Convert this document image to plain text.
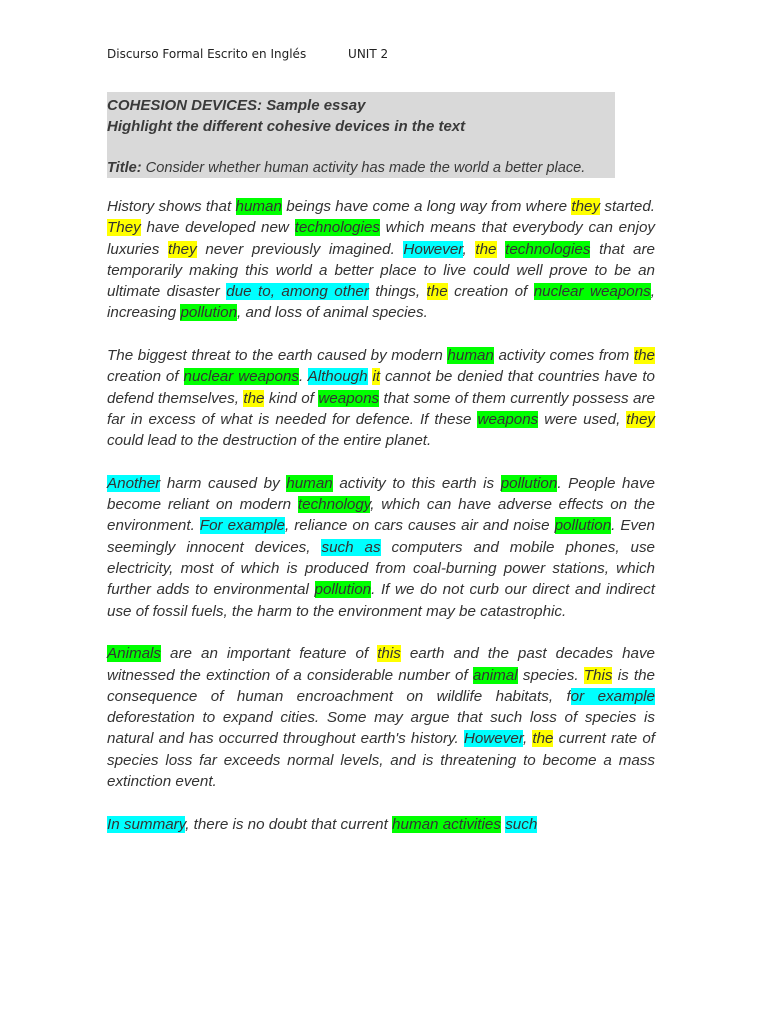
Discurso Formal Escrito en Inglés	UNIT 2
COHESION DEVICES: Sample essay
Highlight the different cohesive devices in the text
Title: Consider whether human activity has made the world a better place.

History shows that human beings have come a long way from where they started. They have developed new technologies which means that everybody can enjoy luxuries they never previously imagined. However, the technologies that are temporarily making this world a better place to live could well prove to be an ultimate disaster due to, among other things, the creation of nuclear weapons, increasing pollution, and loss of animal species.

The biggest threat to the earth caused by modern human activity comes from the creation of nuclear weapons. Although it cannot be denied that countries have to defend themselves, the kind of weapons that some of them currently possess are far in excess of what is needed for defence. If these weapons were used, they could lead to the destruction of the entire planet.

Another harm caused by human activity to this earth is pollution. People have become reliant on modern technology, which can have adverse effects on the environment. For example, reliance on cars causes air and noise pollution. Even seemingly innocent devices, such as computers and mobile phones, use electricity, most of which is produced from coal-burning power stations, which further adds to environmental pollution. If we do not curb our direct and indirect use of fossil fuels, the harm to the environment may be catastrophic.

Animals are an important feature of this earth and the past decades have witnessed the extinction of a considerable number of animal species. This is the consequence of human encroachment on wildlife habitats, for example deforestation to expand cities. Some may argue that such loss of species is natural and has occurred throughout earth's history. However, the current rate of species loss far exceeds normal levels, and is threatening to become a mass extinction event.

In summary, there is no doubt that current human activities such
